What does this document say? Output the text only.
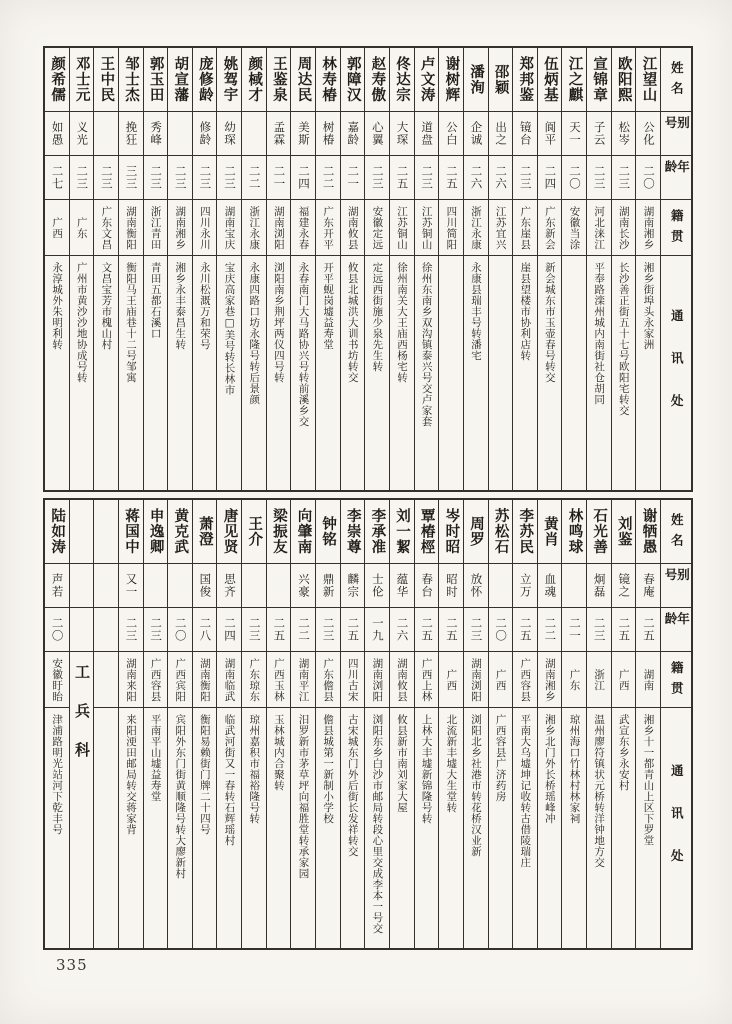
姓名
别号
年龄
籍贯
通讯处
江望山
公化
二〇
湖南湘乡
湘乡街埠头永家洲
欧阳熙
松岑
二三
湖南长沙
长沙善正街五十七号欧阳宅转交
宣锦章
子云
二三
河北涞江
平奉路滦州城内南街社仓胡同
江之麒
天一
二〇
安徽当涂
伍炳基
阆平
二四
广东新会
新会城东市玉壶春号转交
郑邦鉴
镜台
二三
广东崖县
崖县望楼市协利店转
邵颖
出之
二六
江苏宜兴
潘洵
企诚
二六
浙江永康
永康县瑞丰号转潘宅
谢树辉
公白
二五
四川简阳
卢文涛
道盘
二三
江苏铜山
徐州东南乡双沟镇泰兴号交卢家套
佟达宗
大琛
二五
江苏铜山
徐州南关大王庙西杨宅转
赵寿傲
心翼
二三
安徽定远
定远西街施少泉先生转
郭障汉
嘉龄
二一
湖南攸县
攸县北城洪大训书坊转交
林寿椿
树椿
二二
广东开平
开平蚬岗墟益寿堂
周达民
美斯
二四
福建永春
永春南门大马路协兴号转前溪乡交
王鉴泉
孟霖
二一
湖南浏阳
浏阳南乡荆坪两仪四号转
颜棫才
二二
浙江永康
永康四路口坊永隆号转后景颜
姚驾宇
幼琛
二三
湖南宝庆
宝庆高家巷□美号转长林市
庞修龄
修龄
二三
四川永川
永川松溉万和荣号
胡宣藩
二三
湖南湘乡
湘乡永丰泰昌生转
郭玉田
秀峰
二三
浙江青田
青田五都石溪口
邹士杰
挽狂
三三
湖南衡阳
衡阳马王庙巷十二号邹寓
王中民
二三
广东文昌
文昌宝芳市槐山村
邓士元
义光
二三
广东
广州市黄沙沙地协成号转
颜希儒
如愚
二七
广西
永淳城外朱明利转
姓名
别号
年龄
籍贯
通讯处
谢牺愚
春庵
二五
湖南
湘乡十一都青山上区下罗堂
刘鉴
镜之
二五
广西
武宣东乡永安村
石光善
炯磊
二三
浙江
温州廖符镇状元桥转洋钟地方交
林鸣球
二一
广东
琼州海口竹林村林家祠
黄肖
血魂
二二
湖南湘乡
湘乡北门外长桥瑶峰冲
李苏民
立万
二五
广西容县
平南大乌墟坤记收转古借陵瑞庄
苏松石
二〇
广西
广西容县广济药房
周罗
放怀
二三
湖南浏阳
浏阳北乡社港市转花桥汉业新
岑时昭
昭时
二五
广西
北流新丰墟大生堂转
覃椿桱
春台
二五
广西上林
上林大丰墟新锦隆号转
刘一絜
蕴华
二六
湖南攸县
攸县新市南刘家大屋
李承准
士伦
一九
湖南浏阳
浏阳东乡白沙市邮局转段心里交成李本一号交
李崇尊
麟宗
二五
四川古宋
古宋城东门外后街长发祥转交
钟铭
鼎新
二三
广东儋县
儋县城第一新制小学校
向肇南
兴豪
二二
湖南平江
汨罗新市茅草坪向福胜堂转承家园
梁振友
二五
广西玉林
玉林城内合聚转
王介
二三
广东琼东
琼州嘉积市福裕隆号转
唐见贤
思齐
二四
湖南临武
临武河街又一春转石辉瑶村
萧澄
国俊
二八
湖南衡阳
衡阳易赖街门牌二十四号
黄克武
二〇
广西宾阳
宾阳外东门街黄顺隆号转大廖新村
申逸卿
二三
广西容县
平南平山墟益寿堂
蒋国中
又一
二三
湖南来阳
来阳浭田邮局转交蒋家背
工兵科
陆如涛
声若
二〇
安徽盱眙
津浦路明光站河下乾丰号
335
